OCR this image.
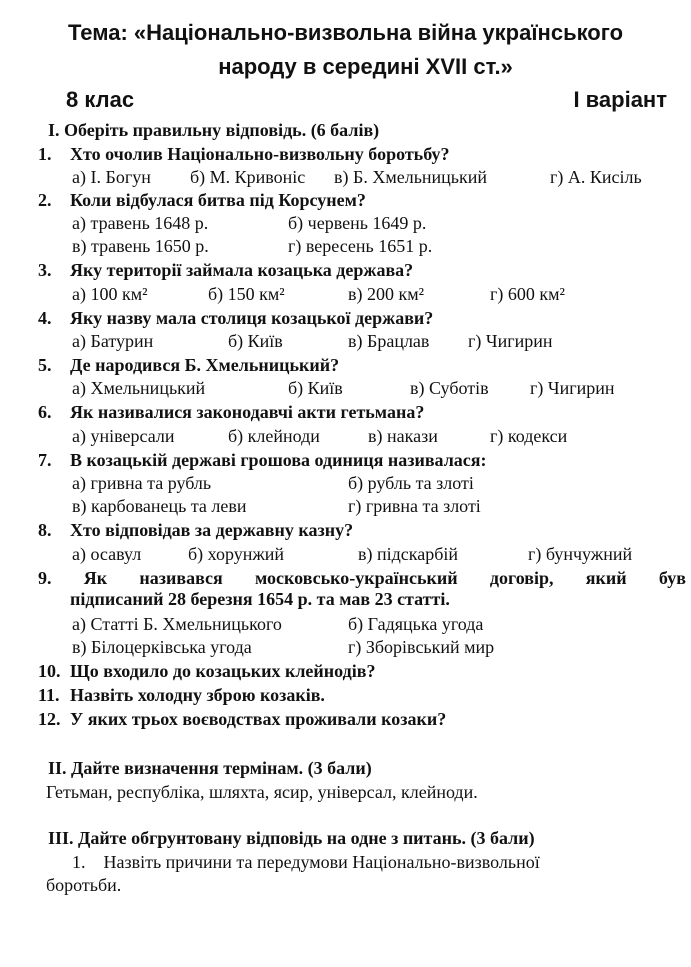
Тема: «Національно-визвольна війна українського
народу в середині XVII ст.»
8 клас	І варіант
І. Оберіть правильну відповідь. (6 балів)
1. Хто очолив Національно-визвольну боротьбу?
а) І. Богун б) М. Кривоніс в) Б. Хмельницький	г) А. Кисіль
2. Коли відбулася битва під Корсунем?
а) травень 1648 р.	б) червень 1649 р.
в) травень 1650 р.	г) вересень 1651 р.
3. Яку території займала козацька держава?
а) 100 км²	б) 150 км²	в) 200 км²	г) 600 км²
4. Яку назву мала столиця козацької держави?
а) Батурин	б) Київ	в) Брацлав г) Чигирин
5. Де народився Б. Хмельницький?
а) Хмельницький	б) Київ	в) Суботів г) Чигирин
6. Як називалися законодавчі акти гетьмана?
а) універсали	б) клейноди	в) накази	г) кодекси
7. В козацькій державі грошова одиниця називалася:
а) гривна та рубль	б) рубль та злоті
в) карбованець та леви	г) гривна та злоті
8. Хто відповідав за державну казну?
а) осавул	б) хорунжий	в) підскарбій	г) бунчужний
9. Як називався московсько-український договір, який був
підписаний 28 березня 1654 р. та мав 23 статті.
а) Статті Б. Хмельницького	б) Гадяцька угода
в) Білоцерківська угода	г) Зборівський мир
10. Що входило до козацьких клейнодів?
11. Назвіть холодну зброю козаків.
12. У яких трьох воєводствах проживали козаки?
ІІ. Дайте визначення термінам. (3 бали)
Гетьман, республіка, шляхта, ясир, універсал, клейноди.
ІІІ. Дайте обгрунтовану відповідь на одне з питань. (3 бали)
1. Назвіть причини та передумови Національно-визвольної
боротьби.
